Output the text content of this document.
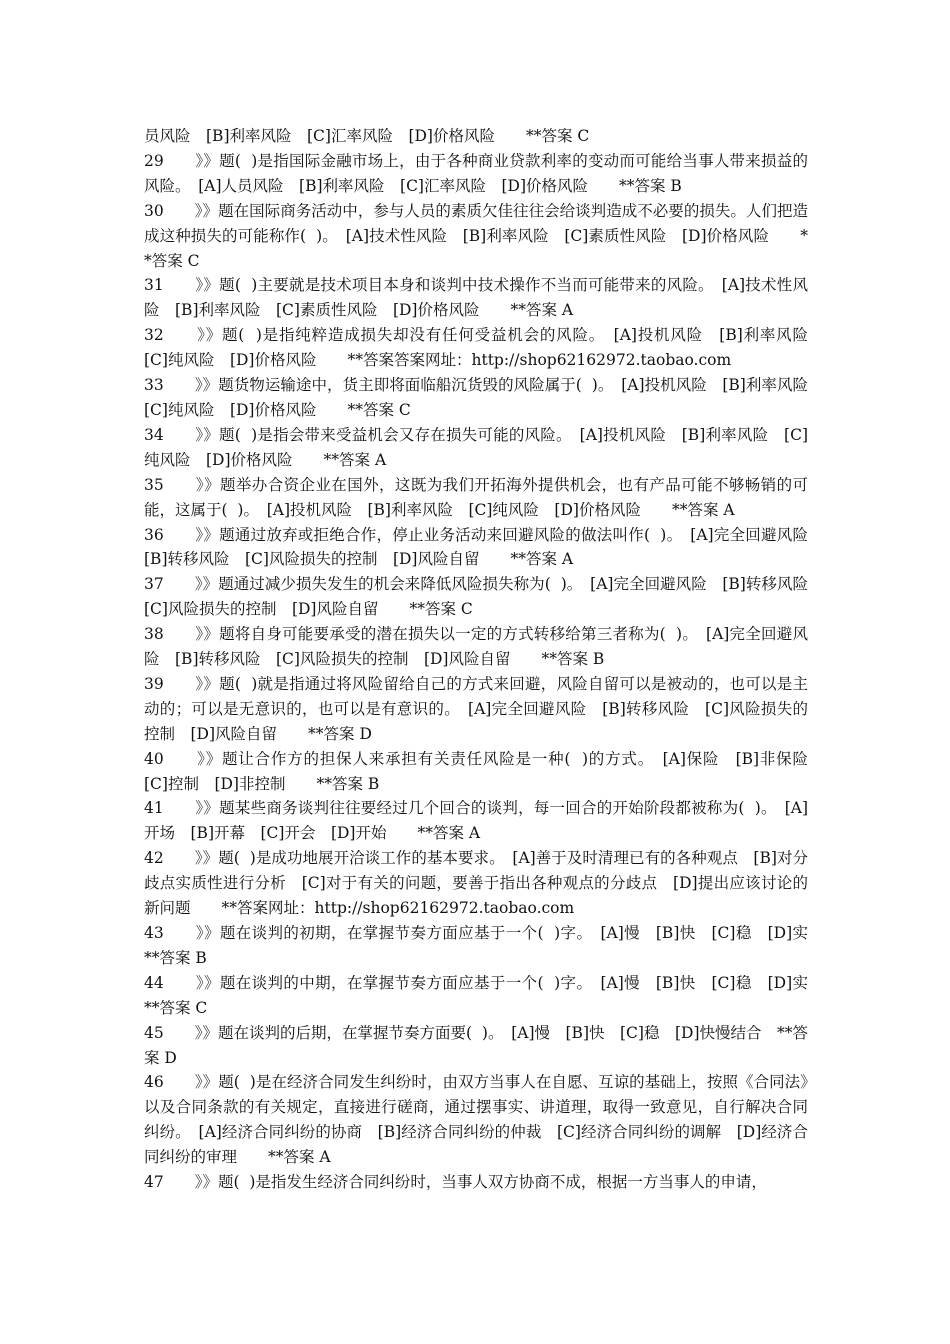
员风险　[B]利率风险　[C]汇率风险　[D]价格风险　　**答案 C

29　　》》题(  )是指国际金融市场上，由于各种商业贷款利率的变动而可能给当事人带来损益的风险。　[A]人员风险　[B]利率风险　[C]汇率风险　[D]价格风险　　**答案 B

30　　》》题在国际商务活动中，参与人员的素质欠佳往往会给谈判造成不必要的损失。人们把造成这种损失的可能称作(  )。　[A]技术性风险　[B]利率风险　[C]素质性风险　[D]价格风险　　**答案 C

31　　》》题(  )主要就是技术项目本身和谈判中技术操作不当而可能带来的风险。　[A]技术性风险　[B]利率风险　[C]素质性风险　[D]价格风险　　**答案 A

32　　》》题(  )是指纯粹造成损失却没有任何受益机会的风险。　[A]投机风险　[B]利率风险　[C]纯风险　[D]价格风险　　**答案答案网址：http://shop62162972.taobao.com

33　　》》题货物运输途中，货主即将面临船沉货毁的风险属于(  )。　[A]投机风险　[B]利率风险　[C]纯风险　[D]价格风险　　**答案 C

34　　》》题(  )是指会带来受益机会又存在损失可能的风险。　[A]投机风险　[B]利率风险　[C]纯风险　[D]价格风险　　**答案 A

35　　》》题举办合资企业在国外，这既为我们开拓海外提供机会，也有产品可能不够畅销的可能，这属于(  )。　[A]投机风险　[B]利率风险　[C]纯风险　[D]价格风险　　**答案 A

36　　》》题通过放弃或拒绝合作，停止业务活动来回避风险的做法叫作(  )。　[A]完全回避风险　[B]转移风险　[C]风险损失的控制　[D]风险自留　　**答案 A

37　　》》题通过减少损失发生的机会来降低风险损失称为(  )。　[A]完全回避风险　[B]转移风险　[C]风险损失的控制　[D]风险自留　　**答案 C

38　　》》题将自身可能要承受的潜在损失以一定的方式转移给第三者称为(  )。　[A]完全回避风险　[B]转移风险　[C]风险损失的控制　[D]风险自留　　**答案 B

39　　》》题(  )就是指通过将风险留给自己的方式来回避，风险自留可以是被动的，也可以是主动的；可以是无意识的，也可以是有意识的。　[A]完全回避风险　[B]转移风险　[C]风险损失的控制　[D]风险自留　　**答案 D

40　　》》题让合作方的担保人来承担有关责任风险是一种(  )的方式。　[A]保险　[B]非保险　[C]控制　[D]非控制　　**答案 B

41　　》》题某些商务谈判往往要经过几个回合的谈判，每一回合的开始阶段都被称为(  )。　[A]开场　[B]开幕　[C]开会　[D]开始　　**答案 A

42　　》》题(  )是成功地展开洽谈工作的基本要求。　[A]善于及时清理已有的各种观点　[B]对分歧点实质性进行分析　[C]对于有关的问题，要善于指出各种观点的分歧点　[D]提出应该讨论的新问题　　**答案网址：http://shop62162972.taobao.com

43　　》》题在谈判的初期，在掌握节奏方面应基于一个(  )字。　[A]慢　[B]快　[C]稳　[D]实　　**答案 B

44　　》》题在谈判的中期，在掌握节奏方面应基于一个(  )字。　[A]慢　[B]快　[C]稳　[D]实　　**答案 C

45　　》》题在谈判的后期，在掌握节奏方面要(  )。　[A]慢　[B]快　[C]稳　[D]快慢结合　**答案 D

46　　》》题(  )是在经济合同发生纠纷时，由双方当事人在自愿、互谅的基础上，按照《合同法》以及合同条款的有关规定，直接进行磋商，通过摆事实、讲道理，取得一致意见，自行解决合同纠纷。　[A]经济合同纠纷的协商　[B]经济合同纠纷的仲裁　[C]经济合同纠纷的调解　[D]经济合同纠纷的审理　　**答案 A

47　　》》题(  )是指发生经济合同纠纷时，当事人双方协商不成，根据一方当事人的申请，
